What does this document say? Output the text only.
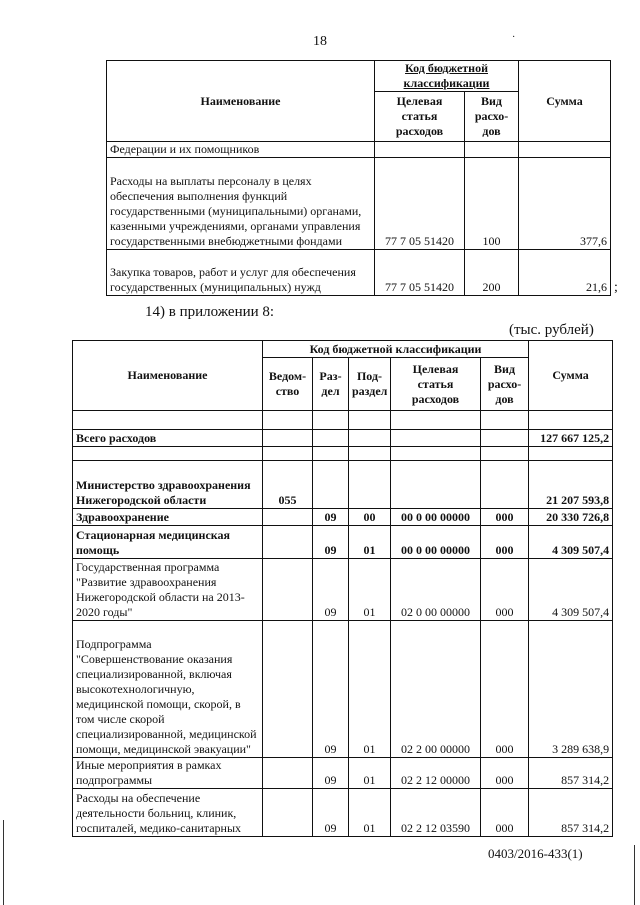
18	·
Наименование	Код бюджетной классификации		Сумма
	Целевая статья расходов	Вид расхо-дов	
Федерации и их помощников			
Расходы на выплаты персоналу в целях обеспечения выполнения функций государственными (муниципальными) органами, казенными учреждениями, органами управления государственными внебюджетными фондами	77 7 05 51420	100	377,6
Закупка товаров, работ и услуг для обеспечения государственных (муниципальных) нужд	77 7 05 51420	200	21,6 ;
14) в приложении 8:
(тыс. рублей)
Наименование	Код бюджетной классификации					Сумма
	Ведом-ство	Раз-дел	Под-раздел	Целевая статья расходов	Вид расхо-дов	

Всего расходов						127 667 125,2

Министерство здравоохранения Нижегородской области	055					21 207 593,8
Здравоохранение		09	00	00 0 00 00000	000	20 330 726,8
Стационарная медицинская помощь		09	01	00 0 00 00000	000	4 309 507,4
Государственная программа "Развитие здравоохранения Нижегородской области на 2013-2020 годы"		09	01	02 0 00 00000	000	4 309 507,4
Подпрограмма "Совершенствование оказания специализированной, включая высокотехнологичную, медицинской помощи, скорой, в том числе скорой специализированной, медицинской помощи, медицинской эвакуации"		09	01	02 2 00 00000	000	3 289 638,9
Иные мероприятия в рамках подпрограммы		09	01	02 2 12 00000	000	857 314,2
Расходы на обеспечение деятельности больниц, клиник, госпиталей, медико-санитарных		09	01	02 2 12 03590	000	857 314,2
0403/2016-433(1)
